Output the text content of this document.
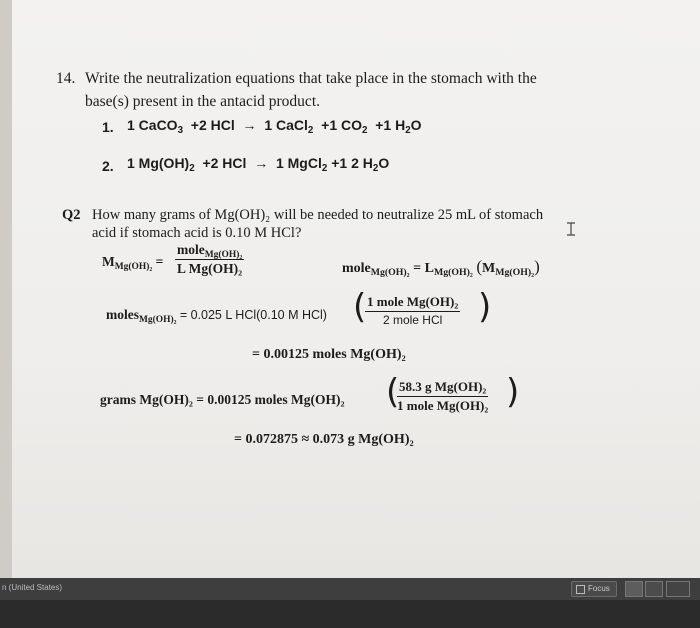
14. Write the neutralization equations that take place in the stomach with the
base(s) present in the antacid product.
1. 1 CaCO$_3$  +2 HCl  →  1 CaCl$_2$  +1 $CO_2 +1$ $H_2O$
2. 1 $Mg(OH)_2 +2$ HCl  →  1 MgCl$_2$ +1 2 $H_2O$
Q2 How many grams of Mg(OH)₂ will be needed to neutralize 25 mL of stomach
acid if stomach acid is 0.10 M HCl?
$M_{Mg(OH)_2}$ =
mole$_{Mg(OH)_2}$
L Mg(OH)₂	mole$_{Mg(OH)_2}$ = $L_{Mg(OH)_2}$ $(M_{Mg(OH)_2})$
moles$_{Mg(OH)_2}$ = 0.025 L HCl(0.10 M HCl) ( 1 mole Mg(OH)₂
2 mole HCl	)
= 0.00125 moles Mg(OH)₂
grams Mg(OH)₂ = 0.00125 moles Mg(OH)₂ ( 58.3 g Mg(OH)₂
1 mole Mg(OH)₂ )
= 0.072875 ≈ 0.073 g Mg(OH)₂
n (United States)	Focus
